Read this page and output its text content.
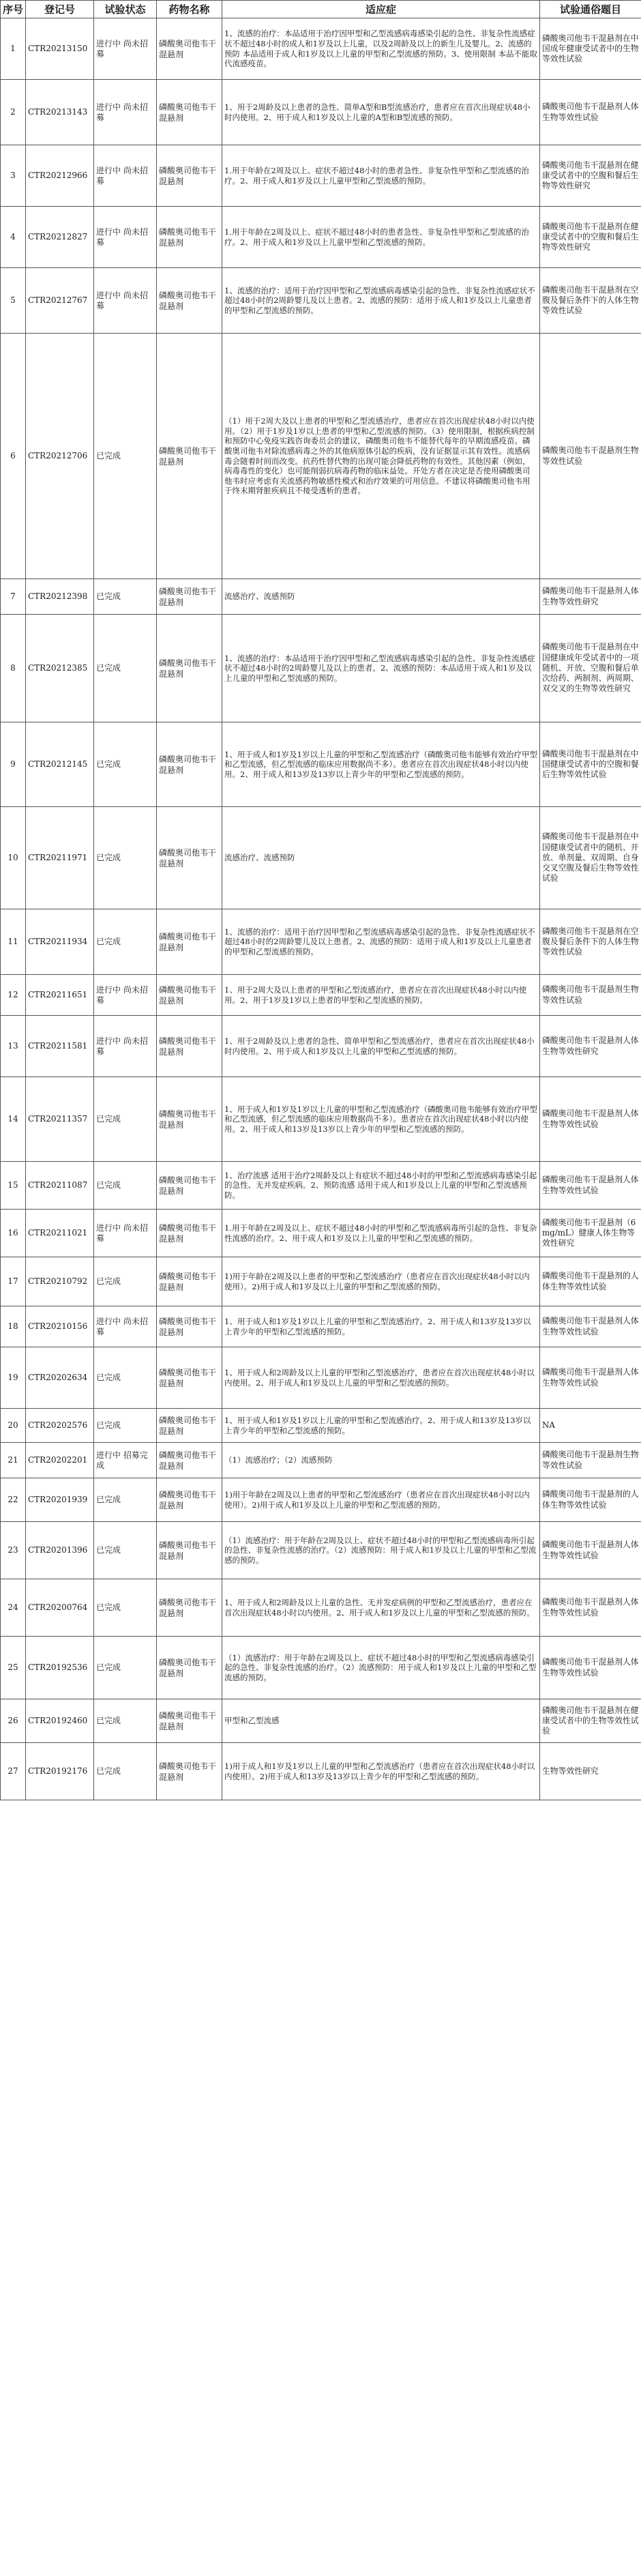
序号	登记号	试验状态	药物名称	适应症	试验通俗题目
1	CTR20213150	进行中 尚未招募	磷酸奥司他韦干混悬剂	1、流感的治疗：本品适用于治疗因甲型和乙型流感病毒感染引起的急性、非复杂性流感症状不超过48小时的成人和1岁及以上儿童，以及2周龄及以上的新生儿及婴儿。2、流感的预防 本品适用于成人和1岁及以上儿童的甲型和乙型流感的预防。3、使用限制 本品不能取代流感疫苗。	磷酸奥司他韦干混悬剂在中国成年健康受试者中的生物等效性试验
2	CTR20213143	进行中 尚未招募	磷酸奥司他韦干混悬剂	1、用于2周龄及以上患者的急性、简单A型和B型流感治疗，患者应在首次出现症状48小时内使用。2、用于成人和1岁及以上儿童的A型和B型流感的预防。	磷酸奥司他韦干混悬剂人体生物等效性试验
3	CTR20212966	进行中 尚未招募	磷酸奥司他韦干混悬剂	1.用于年龄在2周及以上、症状不超过48小时的患者急性、非复杂性甲型和乙型流感的治疗。2、用于成人和1岁及以上儿童甲型和乙型流感的预防。	磷酸奥司他韦干混悬剂在健康受试者中的空腹和餐后生物等效性研究
4	CTR20212827	进行中 尚未招募	磷酸奥司他韦干混悬剂	1.用于年龄在2周及以上、症状不超过48小时的患者急性、非复杂性甲型和乙型流感的治疗。2、用于成人和1岁及以上儿童甲型和乙型流感的预防。	磷酸奥司他韦干混悬剂在健康受试者中的空腹和餐后生物等效性研究
5	CTR20212767	进行中 尚未招募	磷酸奥司他韦干混悬剂	1、流感的治疗：适用于治疗因甲型和乙型流感病毒感染引起的急性、非复杂性流感症状不超过48小时的2周龄婴儿及以上患者。2、流感的预防：适用于成人和1岁及以上儿童患者的甲型和乙型流感的预防。	磷酸奥司他韦干混悬剂在空腹及餐后条件下的人体生物等效性试验
6	CTR20212706	已完成	磷酸奥司他韦干混悬剂	（1）用于2周大及以上患者的甲型和乙型流感治疗，患者应在首次出现症状48小时以内使用。（2）用于1岁及1岁以上患者的甲型和乙型流感的预防。（3）使用限制，根据疾病控制和预防中心免疫实践咨询委员会的建议，磷酸奥司他韦不能替代每年的早期流感疫苗。磷酸奥司他韦对除流感病毒之外的其他病原体引起的疾病，没有证据显示其有效性。流感病毒会随着时间而改变。抗药性替代物的出现可能会降低药物的有效性。其他因素（例如，病毒毒性的变化）也可能削弱抗病毒药物的临床益处。开处方者在决定是否使用磷酸奥司他韦时应考虑有关流感药物敏感性模式和治疗效果的可用信息。不建议将磷酸奥司他韦用于终末期肾脏疾病且不接受透析的患者。	磷酸奥司他韦干混悬剂生物等效性试验
7	CTR20212398	已完成	磷酸奥司他韦干混悬剂	流感治疗、流感预防	磷酸奥司他韦干混悬剂人体生物等效性研究
8	CTR20212385	已完成	磷酸奥司他韦干混悬剂	1、流感的治疗：本品适用于治疗因甲型和乙型流感病毒感染引起的急性、非复杂性流感症状不超过48小时的2周龄婴儿及以上的患者。2、流感的预防：本品适用于成人和1岁及以上儿童的甲型和乙型流感的预防。	磷酸奥司他韦干混悬剂在中国健康成年受试者中的一项随机、开放、空腹和餐后单次给药、两制剂、两周期、双交叉的生物等效性研究
9	CTR20212145	已完成	磷酸奥司他韦干混悬剂	1、用于成人和1岁及1岁以上儿童的甲型和乙型流感治疗（磷酸奥司他韦能够有效治疗甲型和乙型流感，但乙型流感的临床应用数据尚不多）。患者应在首次出现症状48小时以内使用。2、用于成人和13岁及13岁以上青少年的甲型和乙型流感的预防。	磷酸奥司他韦干混悬剂在中国健康受试者中的空腹和餐后生物等效性试验
10	CTR20211971	已完成	磷酸奥司他韦干混悬剂	流感治疗、流感预防	磷酸奥司他韦干混悬剂在中国健康受试者中的随机、开放、单剂量、双周期、自身交叉空腹及餐后生物等效性试验
11	CTR20211934	已完成	磷酸奥司他韦干混悬剂	1、流感的治疗：适用于治疗因甲型和乙型流感病毒感染引起的急性、非复杂性流感症状不超过48小时的2周龄婴儿及以上患者。2、流感的预防：适用于成人和1岁及以上儿童患者的甲型和乙型流感的预防。	磷酸奥司他韦干混悬剂在空腹及餐后条件下的人体生物等效性试验
12	CTR20211651	进行中 尚未招募	磷酸奥司他韦干混悬剂	1、用于2周大及以上患者的甲型和乙型流感治疗，患者应在首次出现症状48小时以内使用。2、用于1岁及1岁以上患者的甲型和乙型流感的预防。	磷酸奥司他韦干混悬剂生物等效性试验
13	CTR20211581	进行中 尚未招募	磷酸奥司他韦干混悬剂	1、用于2周龄及以上患者的急性、简单甲型和乙型流感治疗，患者应在首次出现症状48小时内使用。2、用于成人和1岁及以上儿童的甲型和乙型流感的预防。	磷酸奥司他韦干混悬剂人体生物等效性研究
14	CTR20211357	已完成	磷酸奥司他韦干混悬剂	1、用于成人和1岁及1岁以上儿童的甲型和乙型流感治疗（磷酸奥司他韦能够有效治疗甲型和乙型流感，但乙型流感的临床应用数据尚不多）。患者应在首次出现症状48小时以内使用。2、用于成人和13岁及13岁以上青少年的甲型和乙型流感的预防。	磷酸奥司他韦干混悬剂人体生物等效性试验
15	CTR20211087	已完成	磷酸奥司他韦干混悬剂	1、治疗流感 适用于治疗2周龄及以上有症状不超过48小时的甲型和乙型流感病毒感染引起的急性、无并发症疾病。2、预防流感 适用于成人和1岁及以上儿童的甲型和乙型流感预防。	磷酸奥司他韦干混悬剂人体生物等效性试验
16	CTR20211021	进行中 尚未招募	磷酸奥司他韦干混悬剂	1.用于年龄在2周及以上、症状不超过48小时的甲型和乙型流感病毒所引起的急性、非复杂性流感的治疗。2、用于成人和1岁及以上儿童的甲型和乙型流感的预防。	磷酸奥司他韦干混悬剂（6 mg/mL）健康人体生物等效性研究
17	CTR20210792	已完成	磷酸奥司他韦干混悬剂	1)用于年龄在2周及以上患者的甲型和乙型流感治疗（患者应在首次出现症状48小时以内使用）。2)用于成人和1岁及以上儿童的甲型和乙型流感的预防。	磷酸奥司他韦干混悬剂的人体生物等效性试验
18	CTR20210156	进行中 尚未招募	磷酸奥司他韦干混悬剂	1、用于成人和1岁及1岁以上儿童的甲型和乙型流感治疗。2、用于成人和13岁及13岁以上青少年的甲型和乙型流感的预防。	磷酸奥司他韦干混悬剂人体生物等效性试验
19	CTR20202634	已完成	磷酸奥司他韦干混悬剂	1、用于成人和2周龄及以上儿童的甲型和乙型流感治疗，患者应在首次出现症状48小时以内使用。2、用于成人和1岁及以上儿童的甲型和乙型流感的预防。	磷酸奥司他韦干混悬剂人体生物等效性试验
20	CTR20202576	已完成	磷酸奥司他韦干混悬剂	1、用于成人和1岁及1岁以上儿童的甲型和乙型流感治疗。2、用于成人和13岁及13岁以上青少年的甲型和乙型流感的预防。	NA
21	CTR20202201	进行中 招募完成	磷酸奥司他韦干混悬剂	（1）流感治疗；（2）流感预防	磷酸奥司他韦干混悬剂生物等效性试验
22	CTR20201939	已完成	磷酸奥司他韦干混悬剂	1)用于年龄在2周及以上患者的甲型和乙型流感治疗（患者应在首次出现症状48小时以内使用）。2)用于成人和1岁及以上儿童的甲型和乙型流感的预防。	磷酸奥司他韦干混悬剂的人体生物等效性试验
23	CTR20201396	已完成	磷酸奥司他韦干混悬剂	（1）流感治疗：用于年龄在2周及以上、症状不超过48小时的甲型和乙型流感病毒所引起的急性、非复杂性流感的治疗。（2）流感预防：用于成人和1岁及以上儿童的甲型和乙型流感的预防。	磷酸奥司他韦干混悬剂人体生物等效性试验
24	CTR20200764	已完成	磷酸奥司他韦干混悬剂	1、用于成人和2周龄及以上儿童的急性、无并发症病例的甲型和乙型流感治疗，患者应在首次出现症状48小时以内使用。2、用于成人和1岁及以上儿童的甲型和乙型流感的预防。	磷酸奥司他韦干混悬剂人体生物等效性试验
25	CTR20192536	已完成	磷酸奥司他韦干混悬剂	（1）流感治疗：用于年龄在2周及以上、症状不超过48小时的甲型和乙型流感病毒感染引起的急性、非复杂性流感的治疗。（2）流感预防：用于成人和1岁及以上儿童的甲型和乙型流感的预防。	磷酸奥司他韦干混悬剂人体生物等效性试验
26	CTR20192460	已完成	磷酸奥司他韦干混悬剂	甲型和乙型流感	磷酸奥司他韦干混悬剂在健康受试者中的生物等效性试验
27	CTR20192176	已完成	磷酸奥司他韦干混悬剂	1)用于成人和1岁及1岁以上儿童的甲型和乙型流感治疗（患者应在首次出现症状48小时以内使用）。2)用于成人和13岁及13岁以上青少年的甲型和乙型流感的预防。	生物等效性研究
